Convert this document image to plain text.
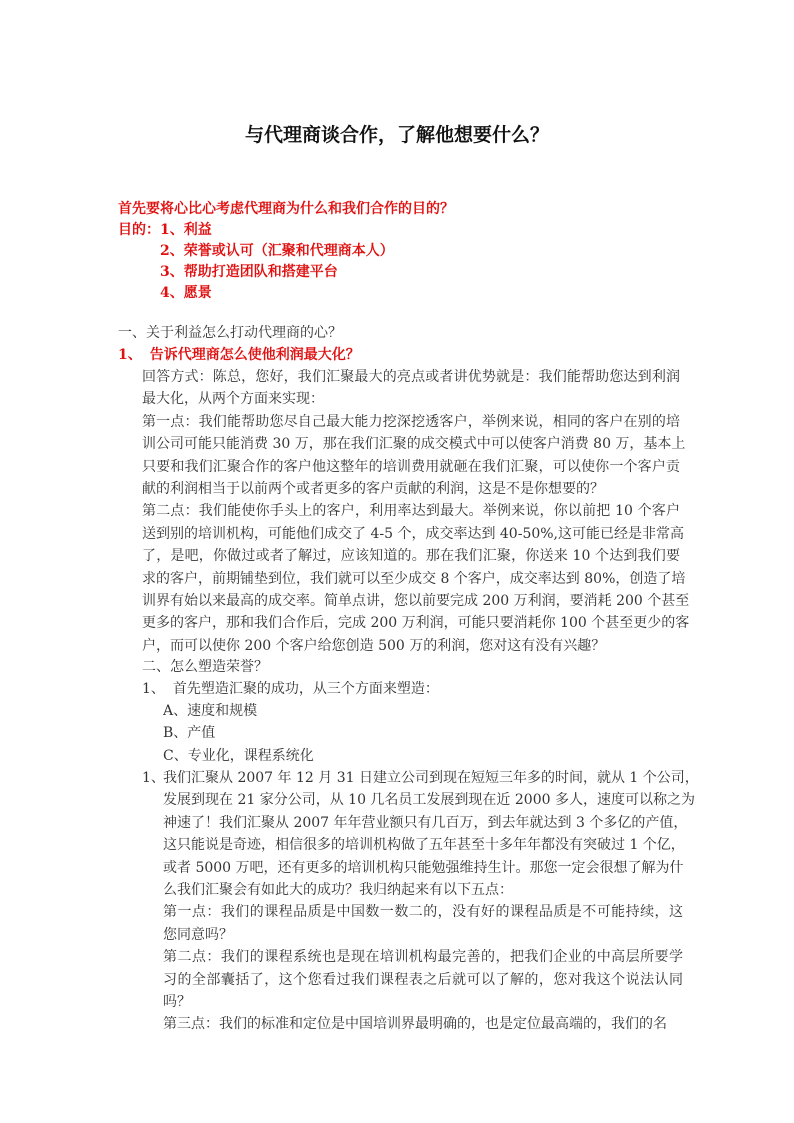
与代理商谈合作，了解他想要什么？
首先要将心比心考虑代理商为什么和我们合作的目的？
目的：1、利益
2、荣誉或认可（汇聚和代理商本人）
3、帮助打造团队和搭建平台
4、愿景
一、关于利益怎么打动代理商的心？
1、 告诉代理商怎么使他利润最大化？
回答方式：陈总，您好，我们汇聚最大的亮点或者讲优势就是：我们能帮助您达到利润
最大化，从两个方面来实现：
第一点：我们能帮助您尽自己最大能力挖深挖透客户，举例来说，相同的客户在别的培
训公司可能只能消费 30 万，那在我们汇聚的成交模式中可以使客户消费 80 万，基本上
只要和我们汇聚合作的客户他这整年的培训费用就砸在我们汇聚，可以使你一个客户贡
献的利润相当于以前两个或者更多的客户贡献的利润，这是不是你想要的？
第二点：我们能使你手头上的客户，利用率达到最大。举例来说，你以前把 10 个客户
送到别的培训机构，可能他们成交了 4-5 个，成交率达到 40-50%,这可能已经是非常高
了，是吧，你做过或者了解过，应该知道的。那在我们汇聚，你送来 10 个达到我们要
求的客户，前期铺垫到位，我们就可以至少成交 8 个客户，成交率达到 80%，创造了培
训界有始以来最高的成交率。简单点讲，您以前要完成 200 万利润，要消耗 200 个甚至
更多的客户，那和我们合作后，完成 200 万利润，可能只要消耗你 100 个甚至更少的客
户，而可以使你 200 个客户给您创造 500 万的利润，您对这有没有兴趣？
二、怎么塑造荣誉？
1、 首先塑造汇聚的成功，从三个方面来塑造：
A、速度和规模
B、产值
C、专业化，课程系统化
1、
我们汇聚从 2007 年 12 月 31 日建立公司到现在短短三年多的时间，就从 1 个公司，
发展到现在 21 家分公司，从 10 几名员工发展到现在近 2000 多人，速度可以称之为
神速了！我们汇聚从 2007 年年营业额只有几百万，到去年就达到 3 个多亿的产值，
这只能说是奇迹，相信很多的培训机构做了五年甚至十多年年都没有突破过 1 个亿，
或者 5000 万吧，还有更多的培训机构只能勉强维持生计。那您一定会很想了解为什
么我们汇聚会有如此大的成功？我归纳起来有以下五点：
第一点：我们的课程品质是中国数一数二的，没有好的课程品质是不可能持续，这
您同意吗？
第二点：我们的课程系统也是现在培训机构最完善的，把我们企业的中高层所要学
习的全部囊括了，这个您看过我们课程表之后就可以了解的，您对我这个说法认同
吗？
第三点：我们的标准和定位是中国培训界最明确的，也是定位最高端的，我们的名
